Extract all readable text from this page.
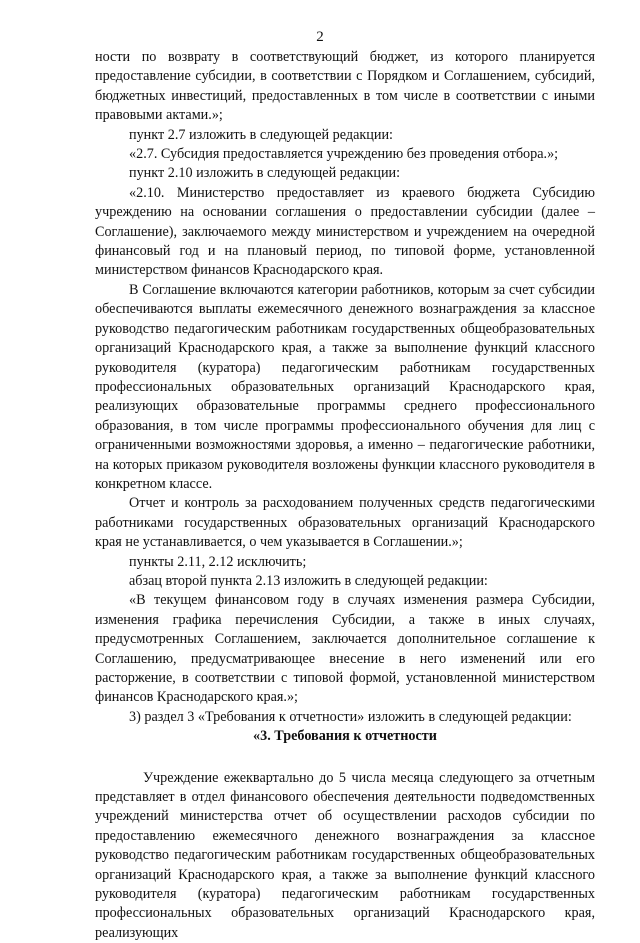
2

ности по возврату в соответствующий бюджет, из которого планируется предоставление субсидии, в соответствии с Порядком и Соглашением, субсидий, бюджетных инвестиций, предоставленных в том числе в соответствии с иными правовыми актами.»;

пункт 2.7 изложить в следующей редакции:

«2.7. Субсидия предоставляется учреждению без проведения отбора.»;

пункт 2.10 изложить в следующей редакции:

«2.10. Министерство предоставляет из краевого бюджета Субсидию учреждению на основании соглашения о предоставлении субсидии (далее – Соглашение), заключаемого между министерством и учреждением на очередной финансовый год и на плановый период, по типовой форме, установленной министерством финансов Краснодарского края.

В Соглашение включаются категории работников, которым за счет субсидии обеспечиваются выплаты ежемесячного денежного вознаграждения за классное руководство педагогическим работникам государственных общеобразовательных организаций Краснодарского края, а также за выполнение функций классного руководителя (куратора) педагогическим работникам государственных профессиональных образовательных организаций Краснодарского края, реализующих образовательные программы среднего профессионального образования, в том числе программы профессионального обучения для лиц с ограниченными возможностями здоровья, а именно – педагогические работники, на которых приказом руководителя возложены функции классного руководителя в конкретном классе.

Отчет и контроль за расходованием полученных средств педагогическими работниками государственных образовательных организаций Краснодарского края не устанавливается, о чем указывается в Соглашении.»;

пункты 2.11, 2.12 исключить;

абзац второй пункта 2.13 изложить в следующей редакции:

«В текущем финансовом году в случаях изменения размера Субсидии, изменения графика перечисления Субсидии, а также в иных случаях, предусмотренных Соглашением, заключается дополнительное соглашение к Соглашению, предусматривающее внесение в него изменений или его расторжение, в соответствии с типовой формой, установленной министерством финансов Краснодарского края.»;

3) раздел 3 «Требования к отчетности» изложить в следующей редакции:

«3. Требования к отчетности

Учреждение ежеквартально до 5 числа месяца следующего за отчетным представляет в отдел финансового обеспечения деятельности подведомственных учреждений министерства отчет об осуществлении расходов субсидии по предоставлению ежемесячного денежного вознаграждения за классное руководство педагогическим работникам государственных общеобразовательных организаций Краснодарского края, а также за выполнение функций классного руководителя (куратора) педагогическим работникам государственных профессиональных образовательных организаций Краснодарского края, реализующих
